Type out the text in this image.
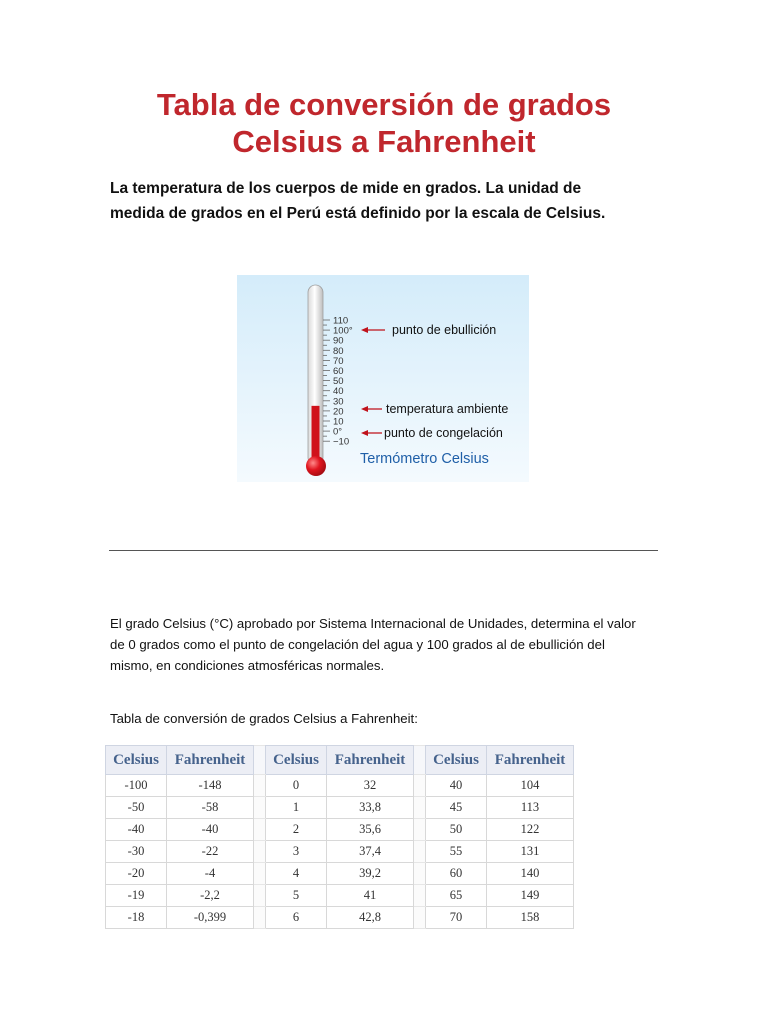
Tabla de conversión de grados
Celsius a Fahrenheit
La temperatura de los cuerpos de mide en grados. La unidad de
medida de grados en el Perú está definido por la escala de Celsius.
110
100°
90
80
70
60
50
40
30
20
10
0°
−10
punto de ebullición
temperatura ambiente
punto de congelación
Termómetro Celsius
El grado Celsius (°C) aprobado por Sistema Internacional de Unidades, determina el valor
de 0 grados como el punto de congelación del agua y 100 grados al de ebullición del
mismo, en condiciones atmosféricas normales.
Tabla de conversión de grados Celsius a Fahrenheit:
Celsius	Fahrenheit		Celsius	Fahrenheit		Celsius	Fahrenheit
-100	-148		0	32		40	104
-50	-58		1	33,8		45	113
-40	-40		2	35,6		50	122
-30	-22		3	37,4		55	131
-20	-4		4	39,2		60	140
-19	-2,2		5	41		65	149
-18	-0,399		6	42,8		70	158
